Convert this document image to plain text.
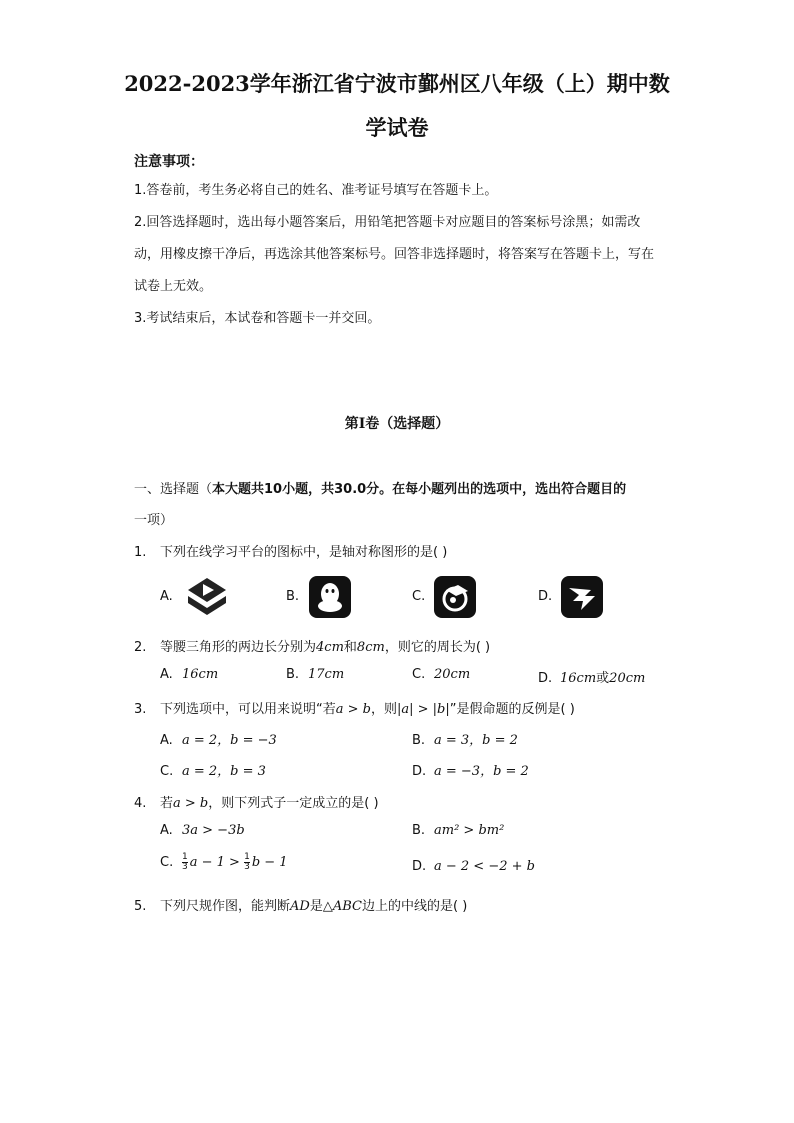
2022-2023学年浙江省宁波市鄞州区八年级（上）期中数
学试卷
注意事项：
1.答卷前，考生务必将自己的姓名、准考证号填写在答题卡上。
2.回答选择题时，选出每小题答案后，用铅笔把答题卡对应题目的答案标号涂黑；如需改动，用橡皮擦干净后，再选涂其他答案标号。回答非选择题时，将答案写在答题卡上，写在试卷上无效。
3.考试结束后，本试卷和答题卡一并交回。
第Ⅰ卷（选择题）
一、选择题（本大题共10小题，共30.0分。在每小题列出的选项中，选出符合题目的
一项）
1. 下列在线学习平台的图标中，是轴对称图形的是( )
A.	B.	C.	D.
2. 等腰三角形的两边长分别为4cm和8cm，则它的周长为( )
A. 16cm	B. 17cm	C. 20cm	D. 16cm或20cm
3. 下列选项中，可以用来说明“若a > b，则|a| > |b|”是假命题的反例是( )
A. a = 2，b = −3	B. a = 3，b = 2
C. a = 2，b = 3	D. a = −3，b = 2
4. 若a > b，则下列式子一定成立的是( )
A. 3a > −3b	B. am² > bm²
C. $\frac{1}{3}$ $a - 1 > \frac{1}{3}$ b − 1	D. a − 2 < −2 + b
5. 下列尺规作图，能判断AD是△ABC边上的中线的是( )
